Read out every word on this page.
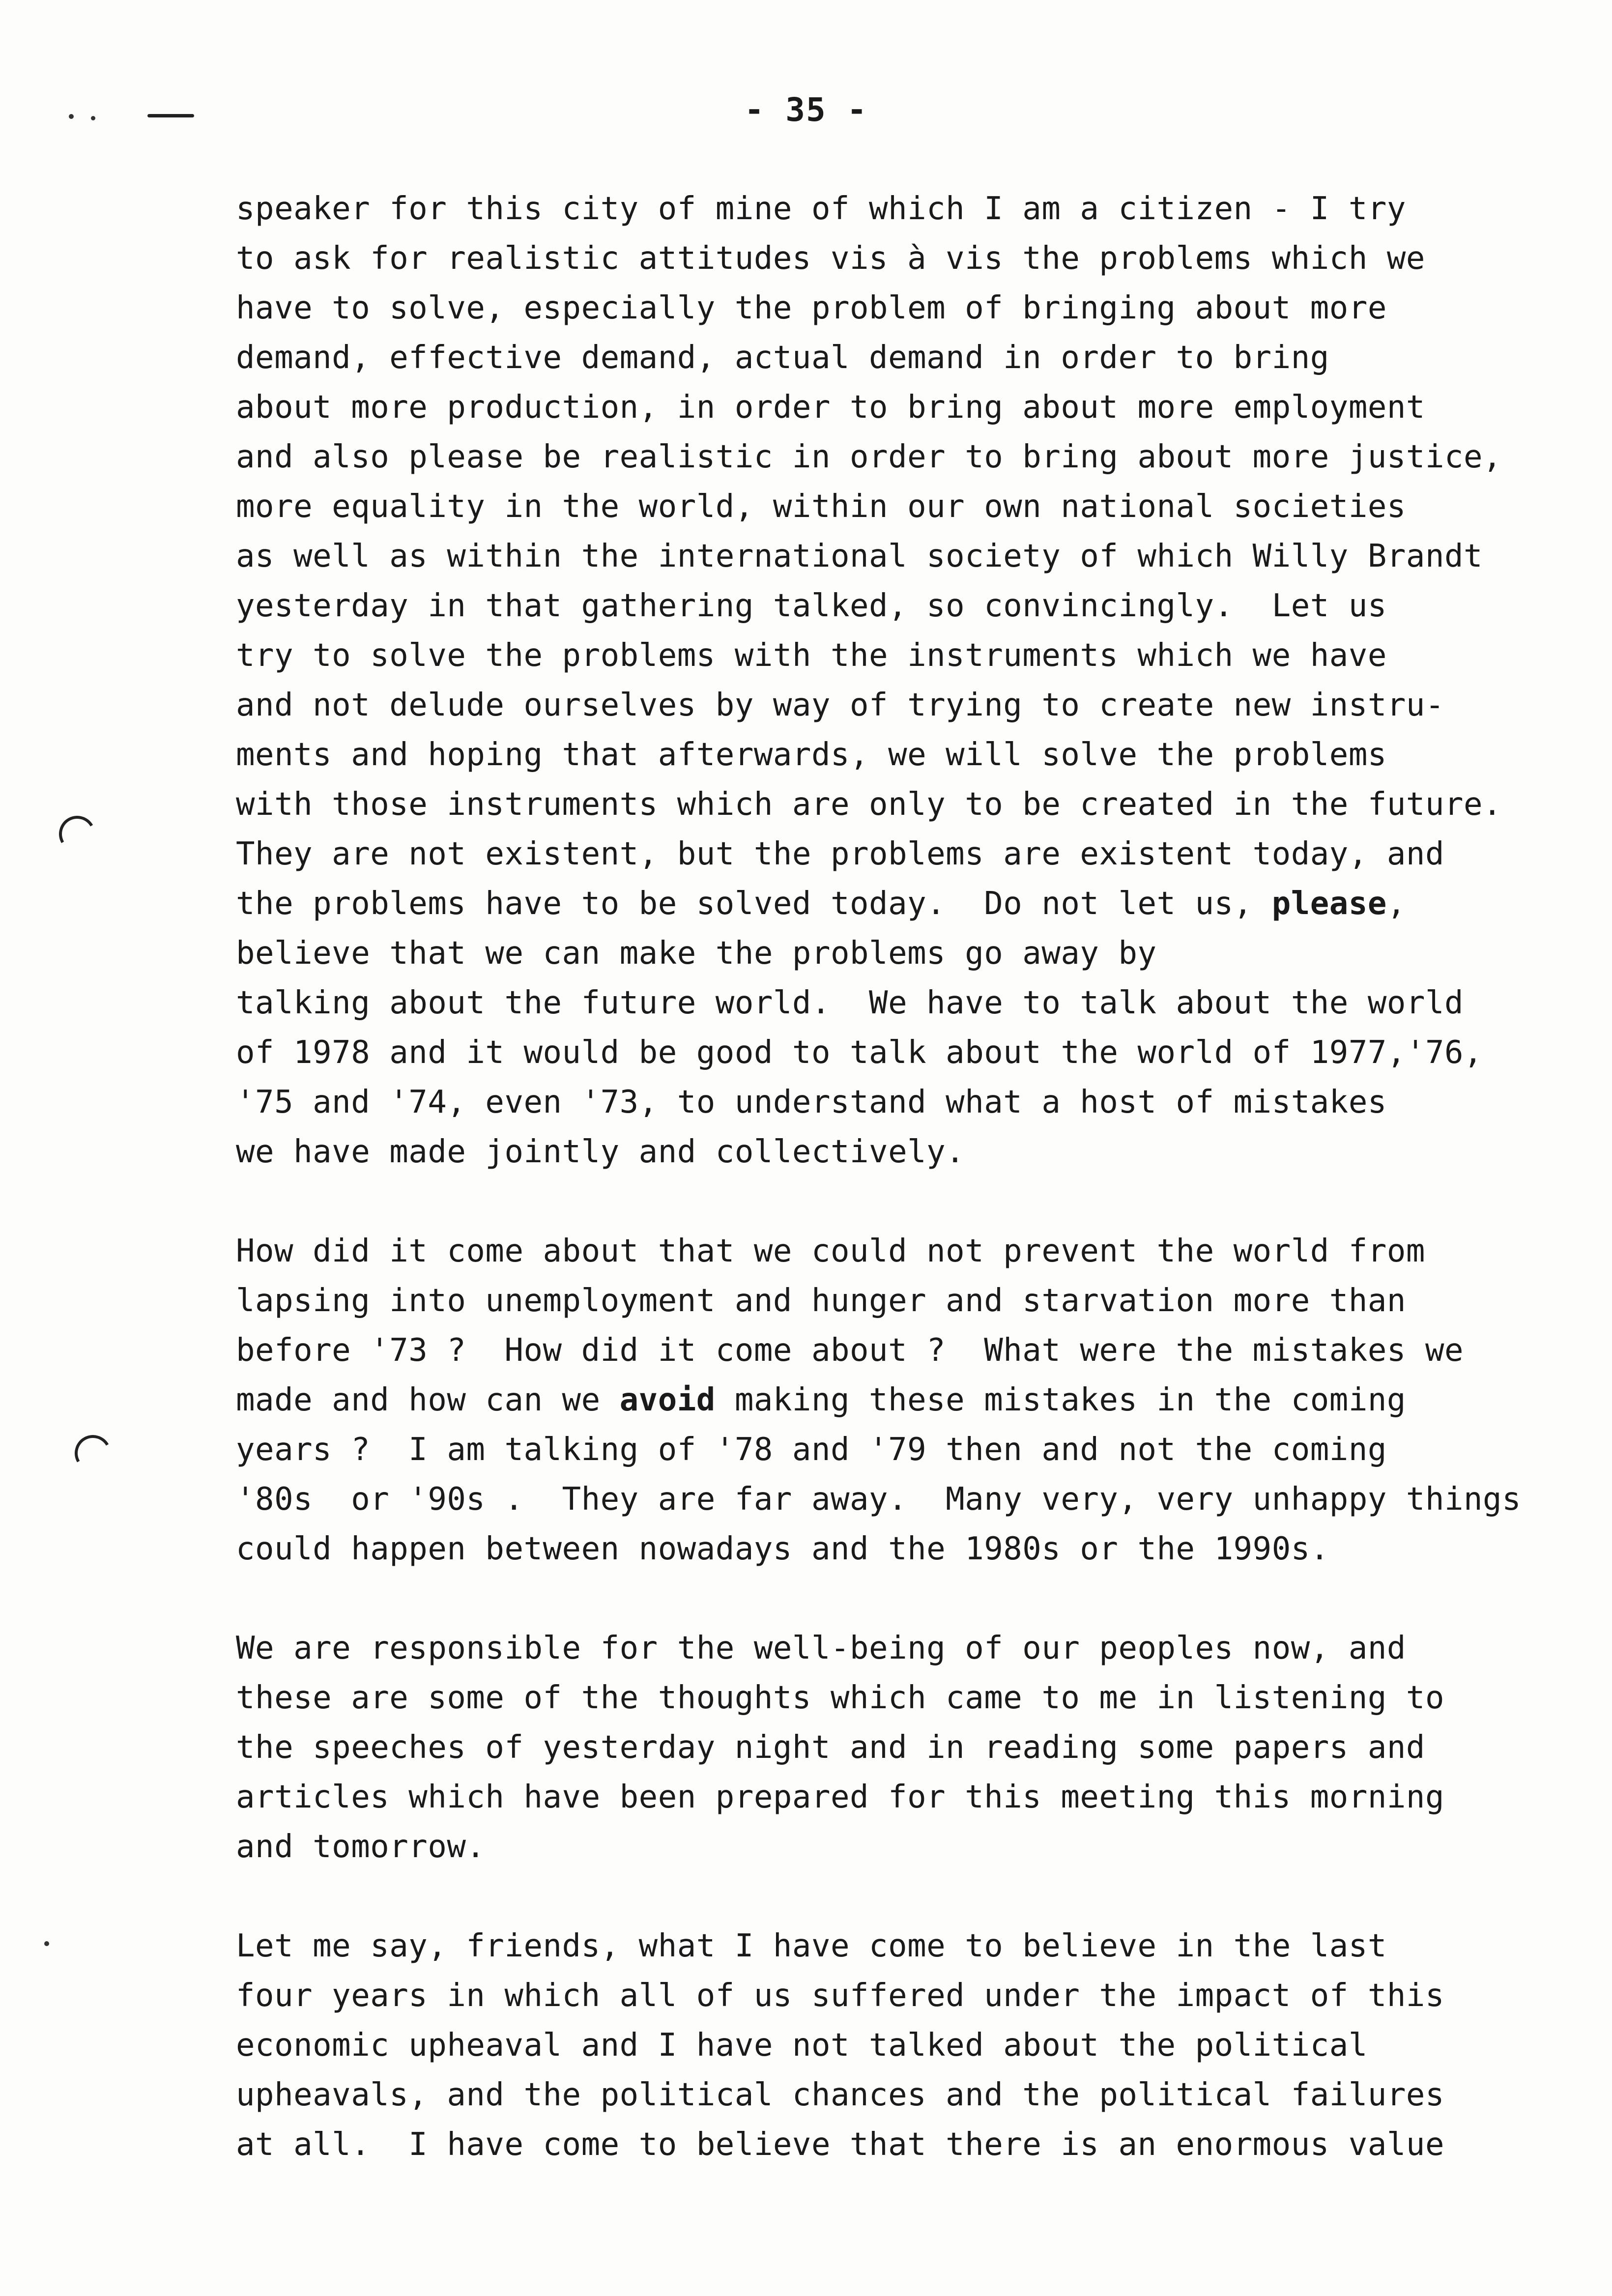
- 35 -
speaker for this city of mine of which I am a citizen - I try
to ask for realistic attitudes vis à vis the problems which we
have to solve, especially the problem of bringing about more
demand, effective demand, actual demand in order to bring
about more production, in order to bring about more employment
and also please be realistic in order to bring about more justice,
more equality in the world, within our own national societies
as well as within the international society of which Willy Brandt
yesterday in that gathering talked, so convincingly.  Let us
try to solve the problems with the instruments which we have
and not delude ourselves by way of trying to create new instru-
ments and hoping that afterwards, we will solve the problems
with those instruments which are only to be created in the future.
They are not existent, but the problems are existent today, and
the problems have to be solved today.  Do not let us, please,
believe that we can make the problems go away by
talking about the future world.  We have to talk about the world
of 1978 and it would be good to talk about the world of 1977,'76,
'75 and '74, even '73, to understand what a host of mistakes
we have made jointly and collectively.
How did it come about that we could not prevent the world from
lapsing into unemployment and hunger and starvation more than
before '73 ?  How did it come about ?  What were the mistakes we
made and how can we avoid making these mistakes in the coming
years ?  I am talking of '78 and '79 then and not the coming
'80s  or '90s .  They are far away.  Many very, very unhappy things
could happen between nowadays and the 1980s or the 1990s.
We are responsible for the well-being of our peoples now, and
these are some of the thoughts which came to me in listening to
the speeches of yesterday night and in reading some papers and
articles which have been prepared for this meeting this morning
and tomorrow.
Let me say, friends, what I have come to believe in the last
four years in which all of us suffered under the impact of this
economic upheaval and I have not talked about the political
upheavals, and the political chances and the political failures
at all.  I have come to believe that there is an enormous value
